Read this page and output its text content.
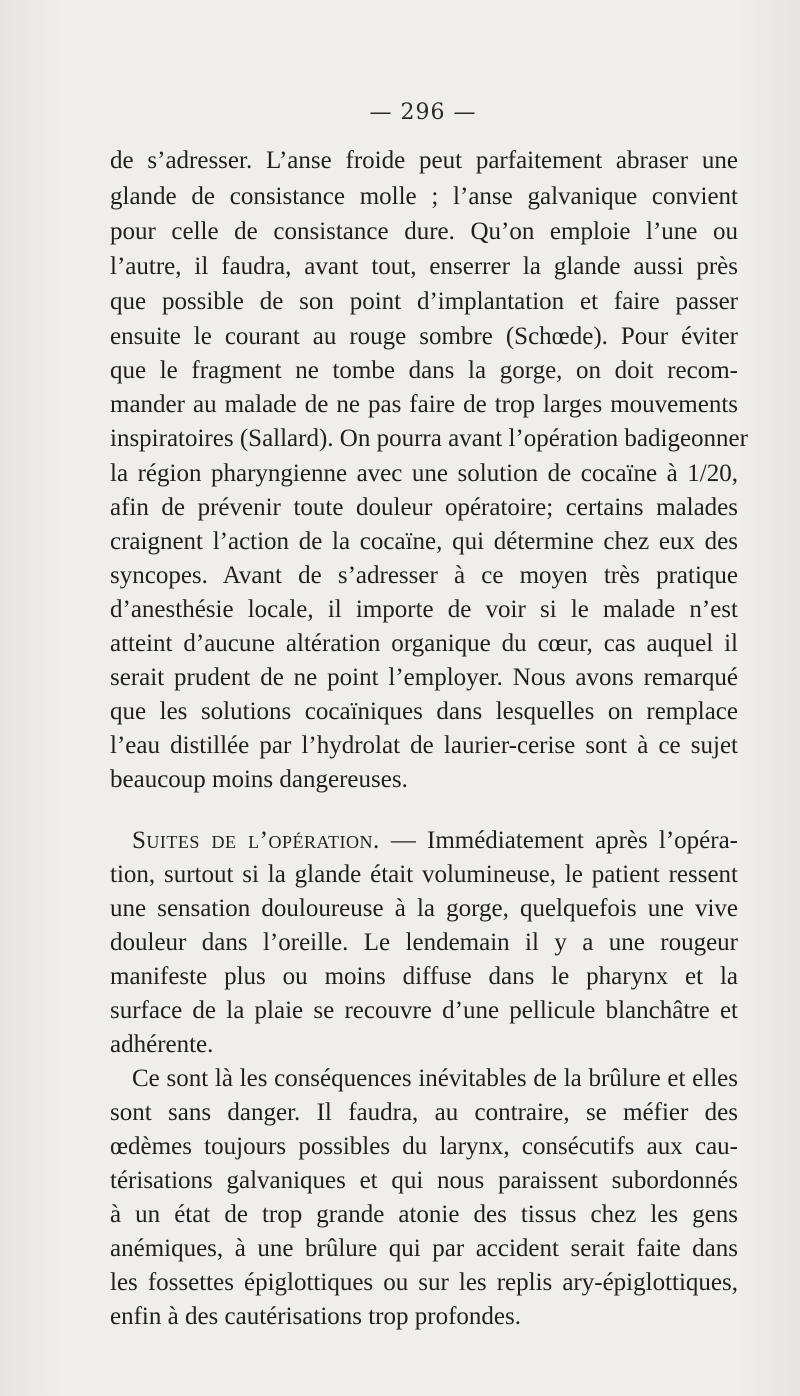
— 296 —
de s’adresser. L’anse froide peut parfaitement abraser une
glande de consistance molle ; l’anse galvanique convient
pour celle de consistance dure. Qu’on emploie l’une ou
l’autre, il faudra, avant tout, enserrer la glande aussi près
que possible de son point d’implantation et faire passer
ensuite le courant au rouge sombre (Schœde). Pour éviter
que le fragment ne tombe dans la gorge, on doit recom-
mander au malade de ne pas faire de trop larges mouvements
inspiratoires (Sallard). On pourra avant l’opération badigeonner
la région pharyngienne avec une solution de cocaïne à 1/20,
afin de prévenir toute douleur opératoire; certains malades
craignent l’action de la cocaïne, qui détermine chez eux des
syncopes. Avant de s’adresser à ce moyen très pratique
d’anesthésie locale, il importe de voir si le malade n’est
atteint d’aucune altération organique du cœur, cas auquel il
serait prudent de ne point l’employer. Nous avons remarqué
que les solutions cocaïniques dans lesquelles on remplace
l’eau distillée par l’hydrolat de laurier-cerise sont à ce sujet
beaucoup moins dangereuses.
Suites de l’opération. — Immédiatement après l’opéra-
tion, surtout si la glande était volumineuse, le patient ressent
une sensation douloureuse à la gorge, quelquefois une vive
douleur dans l’oreille. Le lendemain il y a une rougeur
manifeste plus ou moins diffuse dans le pharynx et la
surface de la plaie se recouvre d’une pellicule blanchâtre et
adhérente.
Ce sont là les conséquences inévitables de la brûlure et elles
sont sans danger. Il faudra, au contraire, se méfier des
œdèmes toujours possibles du larynx, consécutifs aux cau-
térisations galvaniques et qui nous paraissent subordonnés
à un état de trop grande atonie des tissus chez les gens
anémiques, à une brûlure qui par accident serait faite dans
les fossettes épiglottiques ou sur les replis ary-épiglottiques,
enfin à des cautérisations trop profondes.
